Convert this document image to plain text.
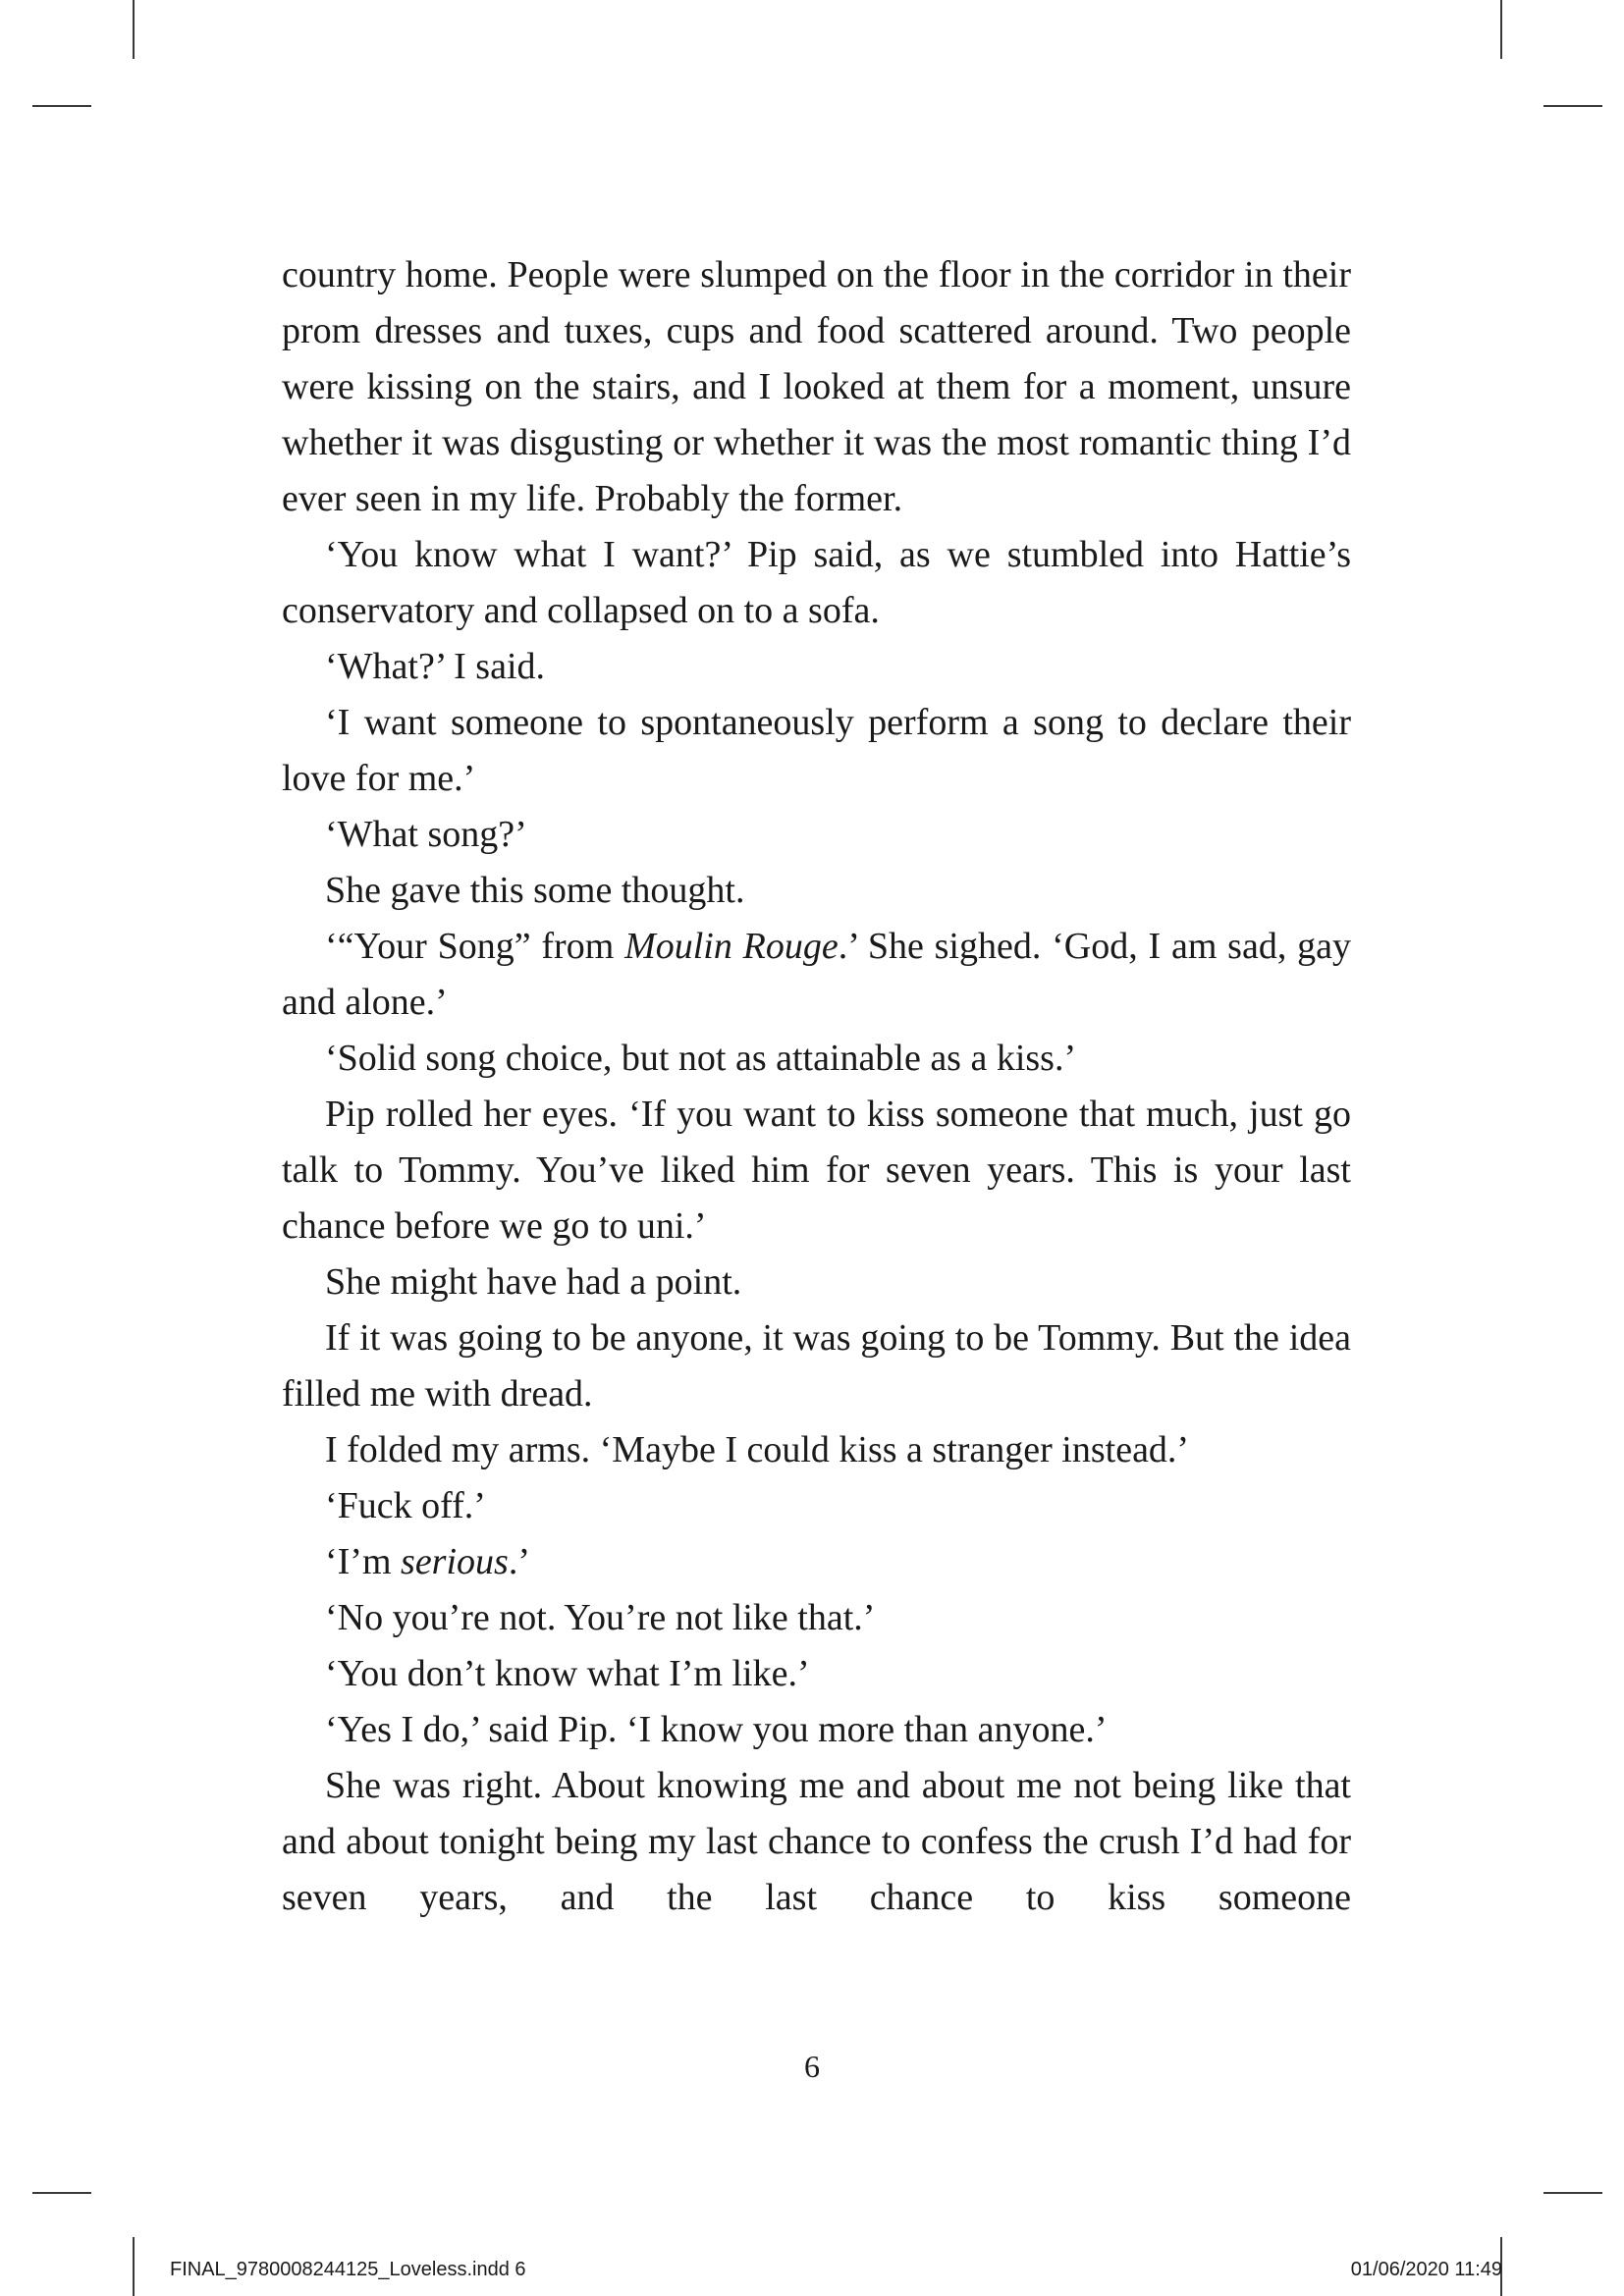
country home. People were slumped on the floor in the corridor in their prom dresses and tuxes, cups and food scattered around. Two people were kissing on the stairs, and I looked at them for a moment, unsure whether it was disgusting or whether it was the most romantic thing I’d ever seen in my life. Probably the former.

‘You know what I want?’ Pip said, as we stumbled into Hattie’s conservatory and collapsed on to a sofa.

‘What?’ I said.

‘I want someone to spontaneously perform a song to declare their love for me.’

‘What song?’

She gave this some thought.

‘“Your Song” from Moulin Rouge.’ She sighed. ‘God, I am sad, gay and alone.’

‘Solid song choice, but not as attainable as a kiss.’

Pip rolled her eyes. ‘If you want to kiss someone that much, just go talk to Tommy. You’ve liked him for seven years. This is your last chance before we go to uni.’

She might have had a point.

If it was going to be anyone, it was going to be Tommy. But the idea filled me with dread.

I folded my arms. ‘Maybe I could kiss a stranger instead.’

‘Fuck off.’

‘I’m serious.’

‘No you’re not. You’re not like that.’

‘You don’t know what I’m like.’

‘Yes I do,’ said Pip. ‘I know you more than anyone.’

She was right. About knowing me and about me not being like that and about tonight being my last chance to confess the crush I’d had for seven years, and the last chance to kiss someone

6
FINAL_9780008244125_Loveless.indd 6	01/06/2020 11:49
